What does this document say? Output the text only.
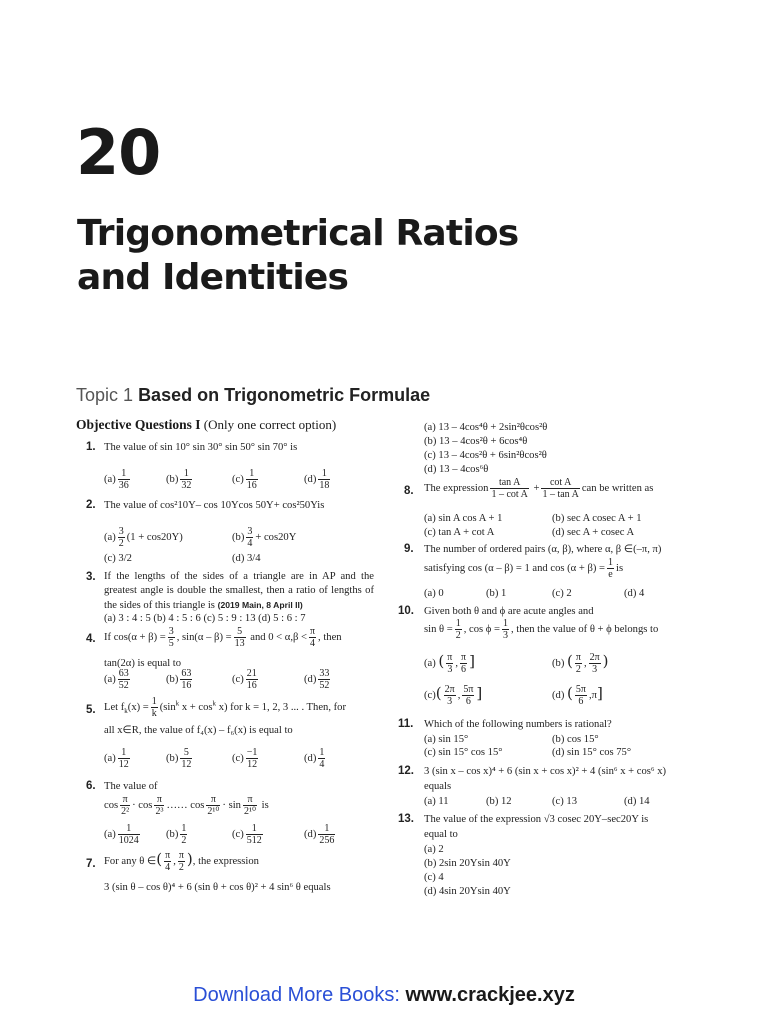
20
Trigonometrical Ratios
and Identities
Topic 1 Based on Trigonometric Formulae
Objective Questions I (Only one correct option)
1. The value of sin 10° sin 30° sin 50° sin 70° is
$(a) \frac{1}{36}$	$(b) \frac{1}{32}$	$(c) \frac{1}{16}$	$(d) \frac{1}{18}$
2. The value of cos²10Y– cos 10Ycos 50Y+ cos²50Yis
$(a) \frac{3}{2} (1 + \cos 20Y)$	$(b) \frac{3}{4} + \cos 20Y$
(c) 3/2	(d) 3/4
3. If the lengths of the sides of a triangle are in AP and the greatest angle is double the smallest, then a ratio of lengths of the sides of this triangle is (2019 Main, 8 April II)
(a) 3 : 4 : 5 (b) 4 : 5 : 6 (c) 5 : 9 : 13 (d) 5 : 6 : 7
4. If $\cos(\alpha + \beta) = \frac{3}{5}$ , $\sin(\alpha - \beta) = \frac{5}{13}$ and $0 < \alpha,\beta < \frac{\pi}{4}$ , then
tan(2α) is equal to
$(a) \frac{63}{52}$	$(b) \frac{63}{16}$	$(c) \frac{21}{16}$	$(d) \frac{33}{52}$
5. Let $f_k(x) = \frac{1}{k} (\sin^k$ $x + \cos^k x$) for k = 1, 2, 3 ... . Then, for
all x∈R, the value of f₄(x) – f₆(x) is equal to
$(a) \frac{1}{12}$	$(b) \frac{5}{12}$	$(c) \frac{-1}{12}$	$(d) \frac{1}{4}$
6. The value of
$\cos \frac{\pi}{\text{2²}} \cdot \cos \frac{\pi}{\text{2³}}$ …… $\cos \frac{\pi}{\text{2¹⁰}} \cdot \sin \frac{\pi}{\text{2¹⁰}}$ is
$(a) \frac{1}{1024} (b) \frac{1}{2}$	$(c) \frac{1}{512}$	$(d) \frac{1}{256}$
7. For any θ ∈( $\frac{\pi}{4}$ , $\frac{\pi}{2}$ ), the expression
3 (sin θ – cos θ)⁴ + 6 (sin θ + cos θ)² + 4 sin⁶ θ equals
(a) 13 – 4cos⁴θ + 2sin²θcos²θ
(b) 13 – 4cos²θ + 6cos⁴θ
(c) 13 – 4cos²θ + 6sin²θcos²θ
(d) 13 – 4cos⁶θ
8. The expression $\frac{\text{tan A}}{\text{1 – cot A}} + \frac{\text{cot A}}{\text{1 – tan A}}$ can be written as
(a) sin A cos A + 1	(b) sec A cosec A + 1
(c) tan A + cot A	(d) sec A + cosec A
9. The number of ordered pairs (α, β), where α, β ∈(–π, π)
satisfying cos (α – β) = 1 and $\cos (\alpha + \beta) = \frac{1}{e}$ is
(a) 0	(b) 1	(c) 2	(d) 4
10. Given both θ and ϕ are acute angles and
$\sin \theta = \frac{1}{2}$ , $\cos \phi = \frac{1}{3}$ , then the value of θ + ϕ belongs to
(a) ( $\frac{\pi}{3}$ , $\frac{\pi}{6}$ ]	(b) ( $\frac{\pi}{2}$ , $\frac{2\pi}{3}$ )
$(c)( \frac{2\pi}{3}$ , $\frac{5\pi}{6}$ ]	(d) ( $\frac{5\pi}{6} ,\pi$]
11. Which of the following numbers is rational?
(a) sin 15°	(b) cos 15°
(c) sin 15° cos 15°	(d) sin 15° cos 75°
12. 3 (sin x – cos x)⁴ + 6 (sin x + cos x)² + 4 (sin⁶ x + cos⁶ x)
equals
(a) 11	(b) 12	(c) 13	(d) 14
13. The value of the expression √3 cosec 20Y–sec20Y is
equal to
(a) 2
(b) 2sin 20Ysin 40Y
(c) 4
(d) 4sin 20Ysin 40Y
Download More Books: www.crackjee.xyz
